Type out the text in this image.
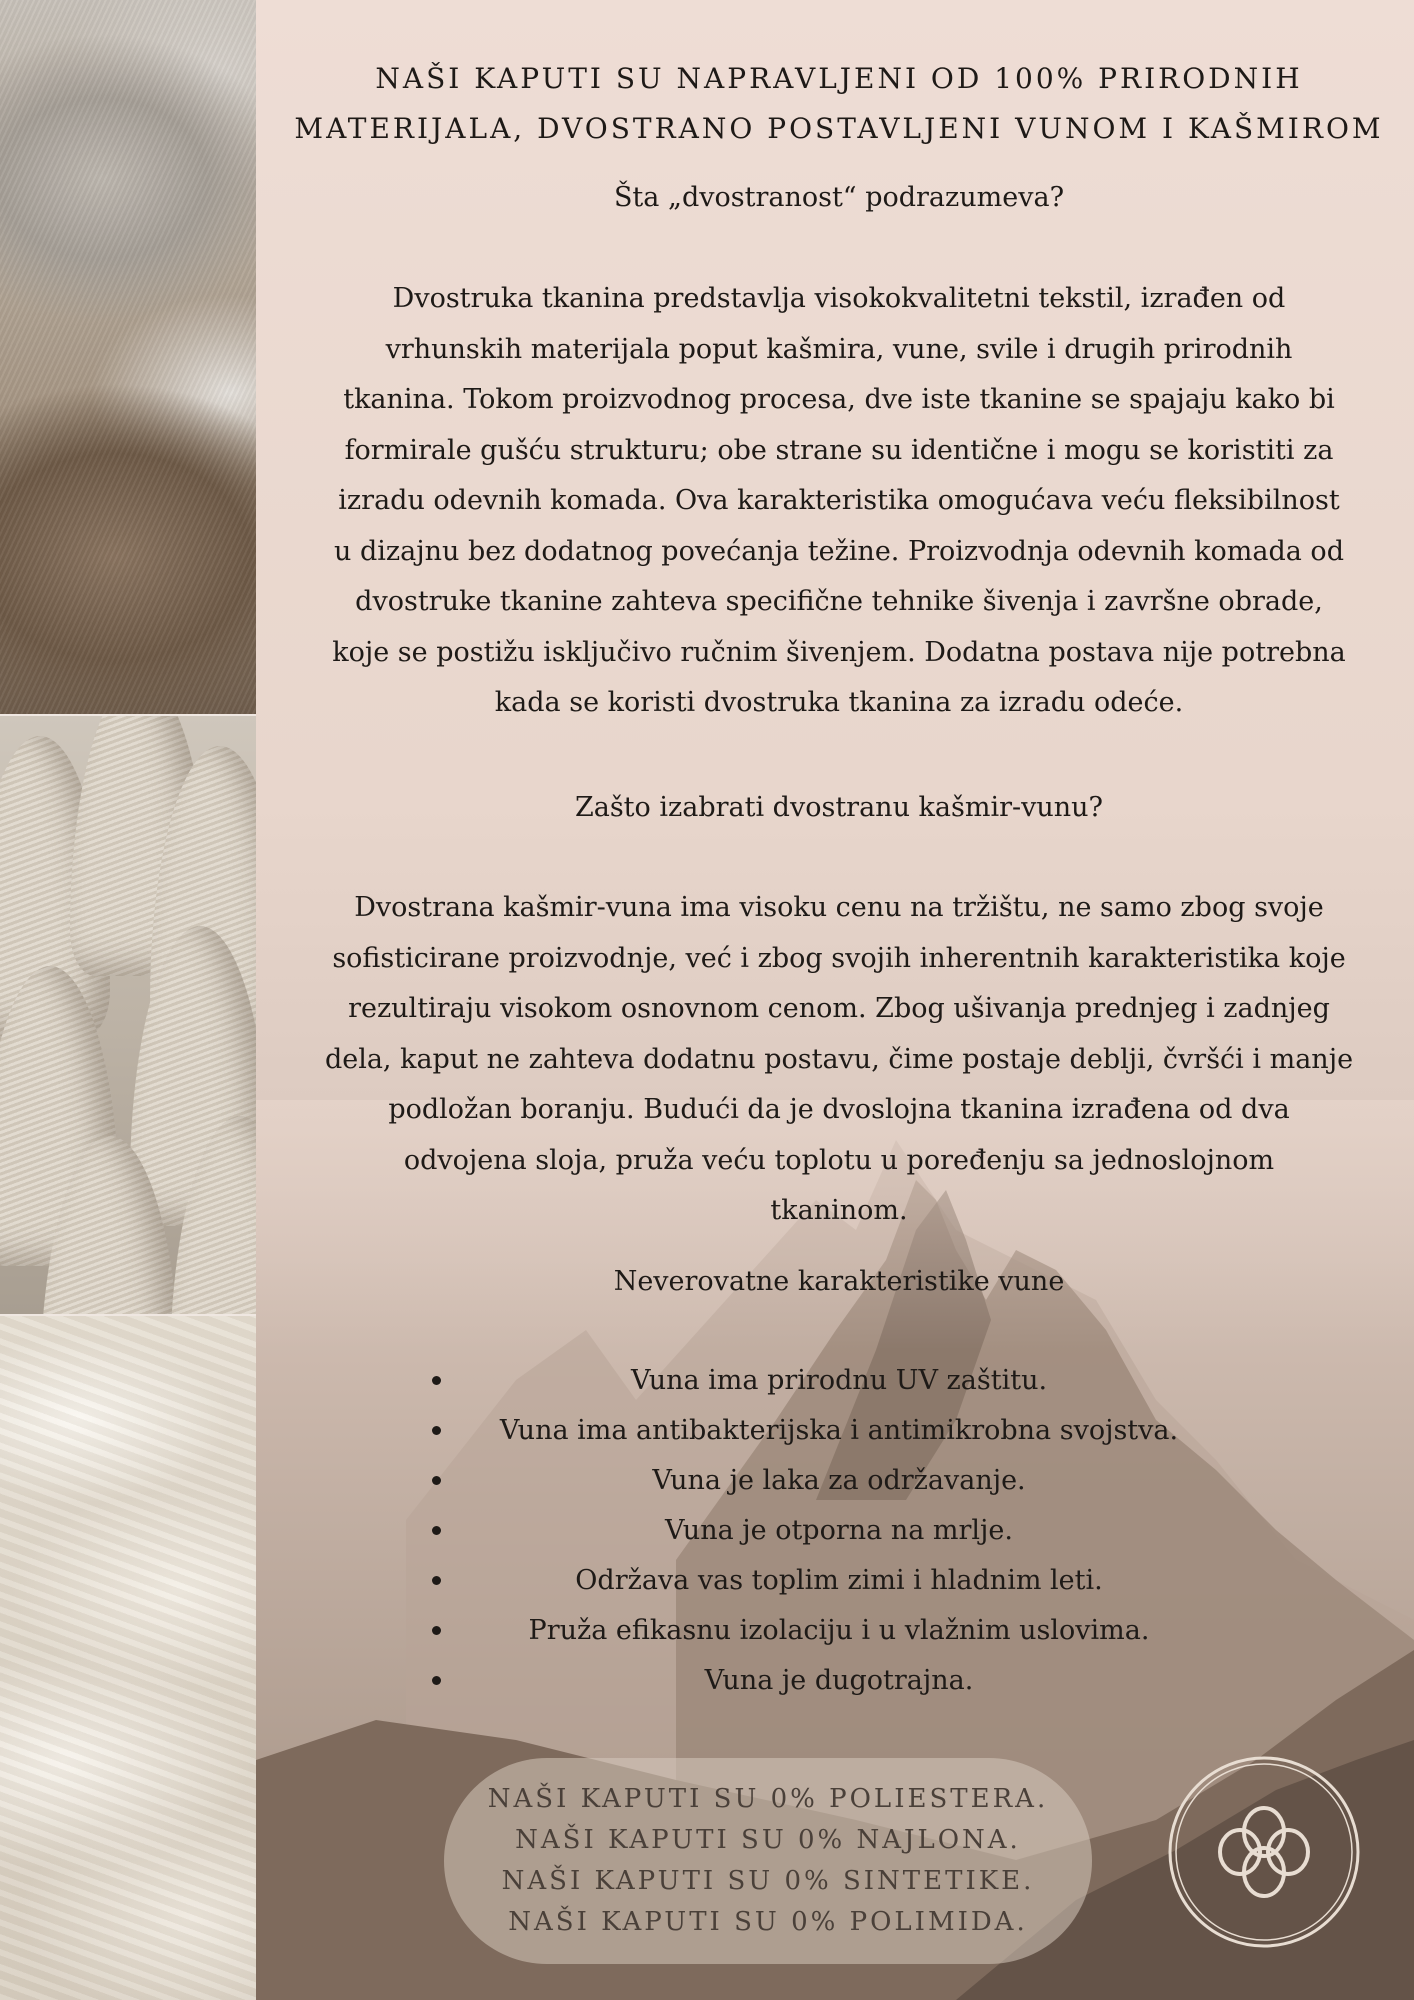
NAŠI KAPUTI SU NAPRAVLJENI OD 100% PRIRODNIH
MATERIJALA, DVOSTRANO POSTAVLJENI VUNOM I KAŠMIROM
Šta „dvostranost“ podrazumeva?
Dvostruka tkanina predstavlja visokokvalitetni tekstil, izrađen od
vrhunskih materijala poput kašmira, vune, svile i drugih prirodnih
tkanina. Tokom proizvodnog procesa, dve iste tkanine se spajaju kako bi
formirale gušću strukturu; obe strane su identične i mogu se koristiti za
izradu odevnih komada. Ova karakteristika omogućava veću fleksibilnost
u dizajnu bez dodatnog povećanja težine. Proizvodnja odevnih komada od
dvostruke tkanine zahteva specifične tehnike šivenja i završne obrade,
koje se postižu isključivo ručnim šivenjem. Dodatna postava nije potrebna
kada se koristi dvostruka tkanina za izradu odeće.
Zašto izabrati dvostranu kašmir-vunu?
Dvostrana kašmir-vuna ima visoku cenu na tržištu, ne samo zbog svoje
sofisticirane proizvodnje, već i zbog svojih inherentnih karakteristika koje
rezultiraju visokom osnovnom cenom. Zbog ušivanja prednjeg i zadnjeg
dela, kaput ne zahteva dodatnu postavu, čime postaje deblji, čvršći i manje
podložan boranju. Budući da je dvoslojna tkanina izrađena od dva
odvojena sloja, pruža veću toplotu u poređenju sa jednoslojnom
tkaninom.
Neverovatne karakteristike vune
Vuna ima prirodnu UV zaštitu.
Vuna ima antibakterijska i antimikrobna svojstva.
Vuna je laka za održavanje.
Vuna je otporna na mrlje.
Održava vas toplim zimi i hladnim leti.
Pruža efikasnu izolaciju i u vlažnim uslovima.
Vuna je dugotrajna.
NAŠI KAPUTI SU 0% POLIESTERA.
NAŠI KAPUTI SU 0% NAJLONA.
NAŠI KAPUTI SU 0% SINTETIKE.
NAŠI KAPUTI SU 0% POLIMIDA.
